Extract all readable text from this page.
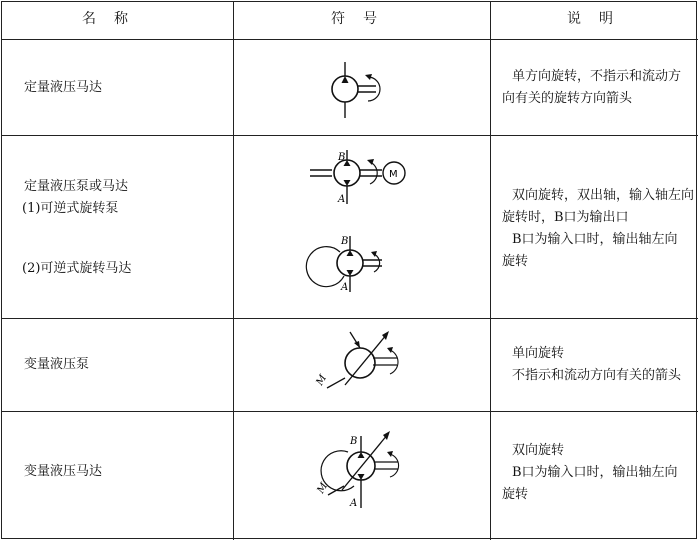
名　称	符　号	说　明
定量液压马达
单方向旋转，不指示和流动方
向有关的旋转方向箭头
定量液压泵或马达
(1)可逆式旋转泵
(2)可逆式旋转马达
双向旋转，双出轴，输入轴左向
旋转时，B口为输出口
B口为输入口时，输出轴左向
旋转
B
A
M
B
A
变量液压泵
单向旋转
不指示和流动方向有关的箭头
M
变量液压马达
双向旋转
B口为输入口时，输出轴左向
旋转
B
A
M
